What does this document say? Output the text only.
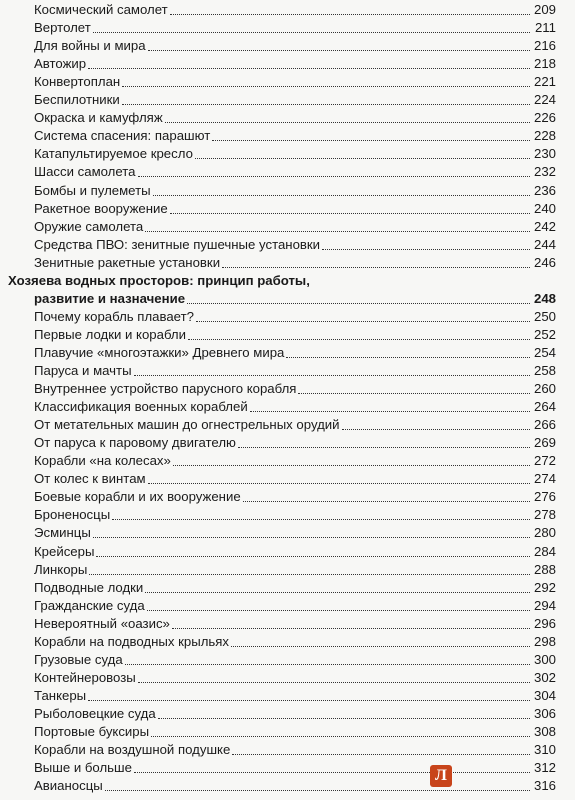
Космический самолет	209
Вертолет	211
Для войны и мира	216
Автожир	218
Конвертоплан	221
Беспилотники	224
Окраска и камуфляж	226
Система спасения: парашют	228
Катапультируемое кресло	230
Шасси самолета	232
Бомбы и пулеметы	236
Ракетное вооружение	240
Оружие самолета	242
Средства ПВО: зенитные пушечные установки	244
Зенитные ракетные установки	246
Хозяева водных просторов: принцип работы,
развитие и назначение	248
Почему корабль плавает?	250
Первые лодки и корабли	252
Плавучие «многоэтажки» Древнего мира	254
Паруса и мачты	258
Внутреннее устройство парусного корабля	260
Классификация военных кораблей	264
От метательных машин до огнестрельных орудий	266
От паруса к паровому двигателю	269
Корабли «на колесах»	272
От колес к винтам	274
Боевые корабли и их вооружение	276
Броненосцы	278
Эсминцы	280
Крейсеры	284
Линкоры	288
Подводные лодки	292
Гражданские суда	294
Невероятный «оазис»	296
Корабли на подводных крыльях	298
Грузовые суда	300
Контейнеровозы	302
Танкеры	304
Рыболовецкие суда	306
Портовые буксиры	308
Корабли на воздушной подушке	310
Выше и больше	312
Авианосцы	316
Л
